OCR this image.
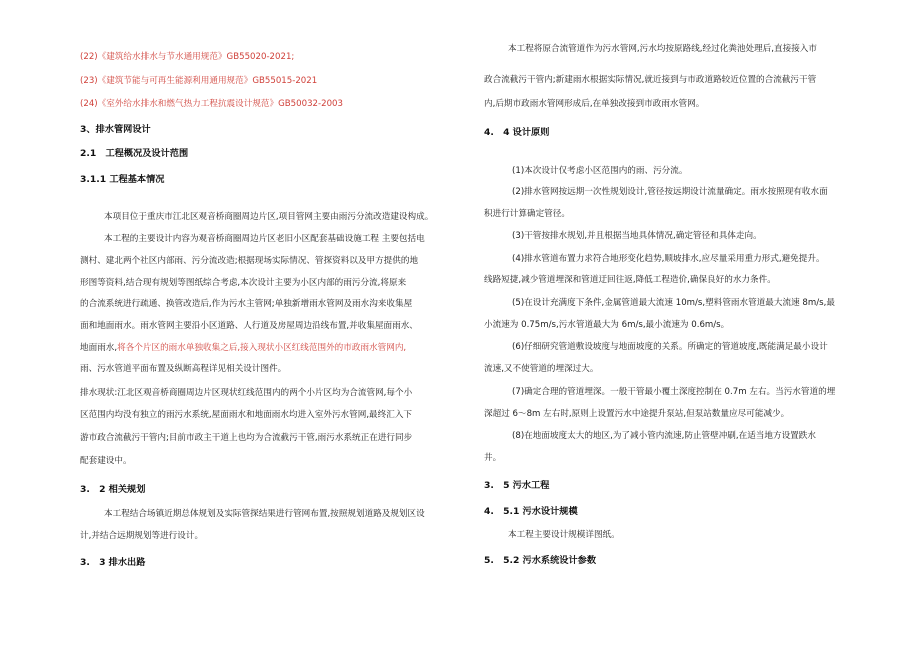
(22)《建筑给水排水与节水通用规范》GB55020-2021;
(23)《建筑节能与可再生能源利用通用规范》GB55015-2021
(24)《室外给水排水和燃气热力工程抗震设计规范》GB50032-2003
3、排水管网设计
2.1　工程概况及设计范围
3.1.1 工程基本情况
本项目位于重庆市江北区观音桥商圈周边片区,项目管网主要由雨污分流改造建设构成。
本工程的主要设计内容为观音桥商圈周边片区老旧小区配套基础设施工程 主要包括电
测村、建北两个社区内部雨、污分流改造;根据现场实际情况、管探资料以及甲方提供的地
形图等资料,结合现有规划等图纸综合考虑,本次设计主要为小区内部的雨污分流,将原来
的合流系统进行疏通、换管改造后,作为污水主管网;单独新增雨水管网及雨水沟来收集屋
面和地面雨水。雨水管网主要沿小区道路、人行道及房屋周边沿线布置,并收集屋面雨水、
地面雨水,将各个片区的雨水单独收集之后,接入现状小区红线范围外的市政雨水管网内,
雨、污水管道平面布置及纵断高程详见相关设计图件。
排水现状:江北区观音桥商圈周边片区现状红线范围内的两个小片区均为合流管网,每个小
区范围内均没有独立的雨污水系统,屋面雨水和地面雨水均进入室外污水管网,最终汇入下
游市政合流截污干管内;目前市政主干道上也均为合流截污干管,雨污水系统正在进行同步
配套建设中。
3.　2 相关规划
本工程结合场镇近期总体规划及实际管探结果进行管网布置,按照规划道路及规划区设
计,并结合远期规划等进行设计。
3.　3 排水出路
本工程将原合流管道作为污水管网,污水均按原路线,经过化粪池处理后,直接接入市
政合流截污干管内;新建雨水根据实际情况,就近接到与市政道路较近位置的合流截污干管
内,后期市政雨水管网形成后,在单独改接到市政雨水管网。
4.　4 设计原则
(1)本次设计仅考虑小区范围内的雨、污分流。
(2)排水管网按远期一次性规划设计,管径按远期设计流量确定。雨水按照现有收水面
积进行计算确定管径。
(3)干管按排水规划,并且根据当地具体情况,确定管径和具体走向。
(4)排水管道布置力求符合地形变化趋势,顺坡排水,应尽量采用重力形式,避免提升。
线路短捷,减少管道埋深和管道迂回往返,降低工程造价,确保良好的水力条件。
(5)在设计充满度下条件,金属管道最大流速 10m/s,塑料管雨水管道最大流速 8m/s,最
小流速为 0.75m/s,污水管道最大为 6m/s,最小流速为 0.6m/s。
(6)仔细研究管道敷设坡度与地面坡度的关系。所确定的管道坡度,既能满足最小设计
流速,又不使管道的埋深过大。
(7)确定合理的管道埋深。一般干管最小覆土深度控制在 0.7m 左右。当污水管道的埋
深超过 6～8m 左右时,原则上设置污水中途提升泵站,但泵站数量应尽可能减少。
(8)在地面坡度太大的地区,为了减小管内流速,防止管壁冲刷,在适当地方设置跌水
井。
3.　5 污水工程
4.　5.1 污水设计规模
本工程主要设计规模详图纸。
5.　5.2 污水系统设计参数
